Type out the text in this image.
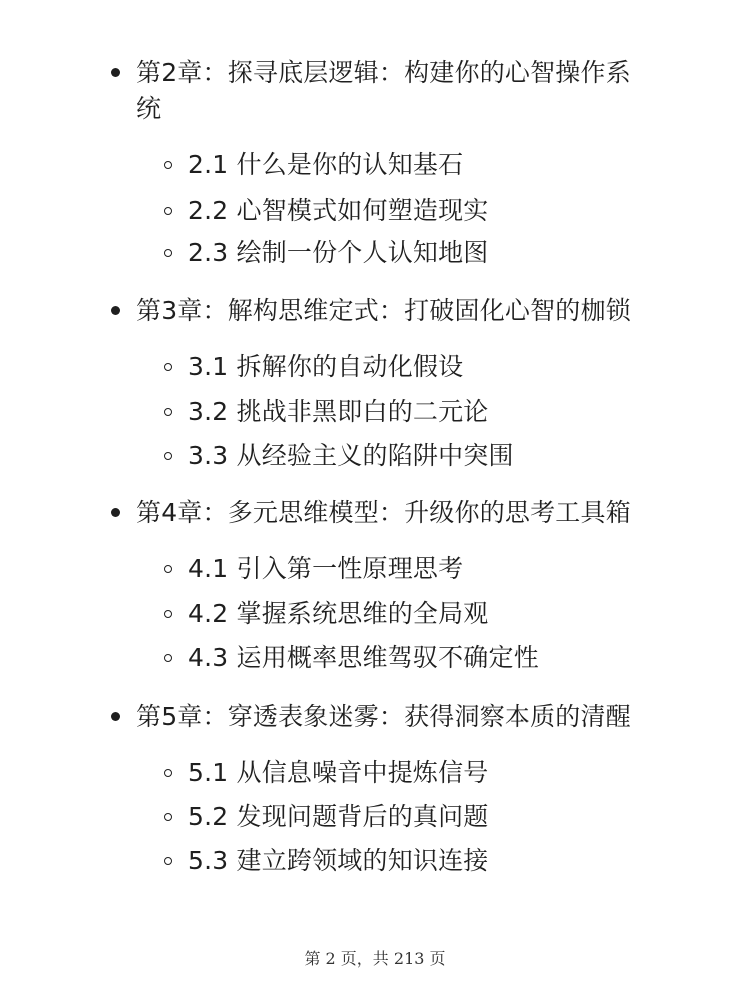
第2章：探寻底层逻辑：构建你的心智操作系
统
2.1 什么是你的认知基石
2.2 心智模式如何塑造现实
2.3 绘制一份个人认知地图
第3章：解构思维定式：打破固化心智的枷锁
3.1 拆解你的自动化假设
3.2 挑战非黑即白的二元论
3.3 从经验主义的陷阱中突围
第4章：多元思维模型：升级你的思考工具箱
4.1 引入第一性原理思考
4.2 掌握系统思维的全局观
4.3 运用概率思维驾驭不确定性
第5章：穿透表象迷雾：获得洞察本质的清醒
5.1 从信息噪音中提炼信号
5.2 发现问题背后的真问题
5.3 建立跨领域的知识连接
第 2 页，共 213 页
